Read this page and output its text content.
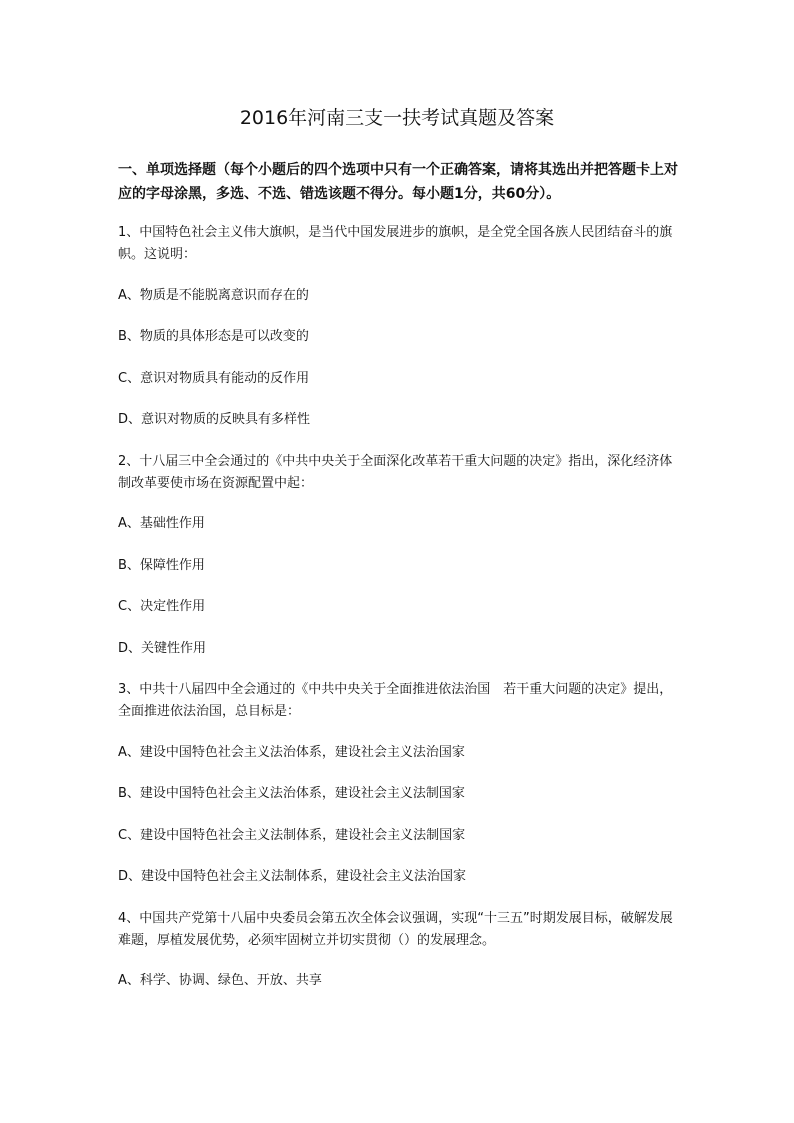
2016年河南三支一扶考试真题及答案
一、单项选择题（每个小题后的四个选项中只有一个正确答案，请将其选出并把答题卡上对应的字母涂黑，多选、不选、错选该题不得分。每小题1分，共60分）。
1、中国特色社会主义伟大旗帜，是当代中国发展进步的旗帜，是全党全国各族人民团结奋斗的旗帜。这说明：
A、物质是不能脱离意识而存在的
B、物质的具体形态是可以改变的
C、意识对物质具有能动的反作用
D、意识对物质的反映具有多样性
2、十八届三中全会通过的《中共中央关于全面深化改革若干重大问题的决定》指出，深化经济体制改革要使市场在资源配置中起：
A、基础性作用
B、保障性作用
C、决定性作用
D、关键性作用
3、中共十八届四中全会通过的《中共中央关于全面推进依法治国　若干重大问题的决定》提出，全面推进依法治国，总目标是：
A、建设中国特色社会主义法治体系，建设社会主义法治国家
B、建设中国特色社会主义法治体系，建设社会主义法制国家
C、建设中国特色社会主义法制体系，建设社会主义法制国家
D、建设中国特色社会主义法制体系，建设社会主义法治国家
4、中国共产党第十八届中央委员会第五次全体会议强调，实现“十三五”时期发展目标，破解发展难题，厚植发展优势，必须牢固树立并切实贯彻（）的发展理念。
A、科学、协调、绿色、开放、共享
